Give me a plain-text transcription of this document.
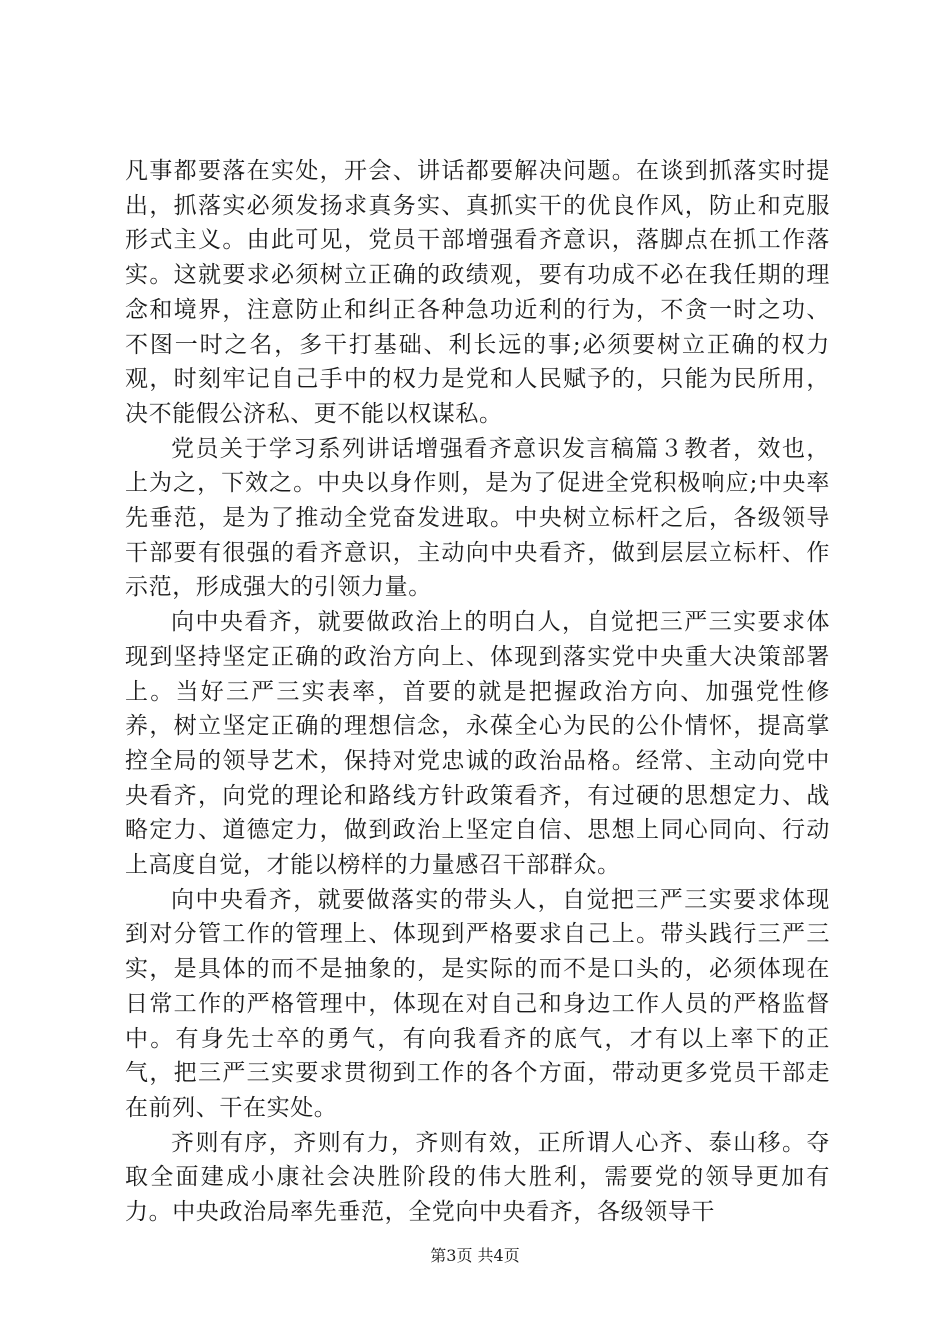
凡事都要落在实处，开会、讲话都要解决问题。在谈到抓落实时提出，抓落实必须发扬求真务实、真抓实干的优良作风，防止和克服形式主义。由此可见，党员干部增强看齐意识，落脚点在抓工作落实。这就要求必须树立正确的政绩观，要有功成不必在我任期的理念和境界，注意防止和纠正各种急功近利的行为，不贪一时之功、不图一时之名，多干打基础、利长远的事;必须要树立正确的权力观，时刻牢记自己手中的权力是党和人民赋予的，只能为民所用，决不能假公济私、更不能以权谋私。

党员关于学习系列讲话增强看齐意识发言稿篇３教者，效也，上为之，下效之。中央以身作则，是为了促进全党积极响应;中央率先垂范，是为了推动全党奋发进取。中央树立标杆之后，各级领导干部要有很强的看齐意识，主动向中央看齐，做到层层立标杆、作示范，形成强大的引领力量。

向中央看齐，就要做政治上的明白人，自觉把三严三实要求体现到坚持坚定正确的政治方向上、体现到落实党中央重大决策部署上。当好三严三实表率，首要的就是把握政治方向、加强党性修养，树立坚定正确的理想信念，永葆全心为民的公仆情怀，提高掌控全局的领导艺术，保持对党忠诚的政治品格。经常、主动向党中央看齐，向党的理论和路线方针政策看齐，有过硬的思想定力、战略定力、道德定力，做到政治上坚定自信、思想上同心同向、行动上高度自觉，才能以榜样的力量感召干部群众。

向中央看齐，就要做落实的带头人，自觉把三严三实要求体现到对分管工作的管理上、体现到严格要求自己上。带头践行三严三实，是具体的而不是抽象的，是实际的而不是口头的，必须体现在日常工作的严格管理中，体现在对自己和身边工作人员的严格监督中。有身先士卒的勇气，有向我看齐的底气，才有以上率下的正气，把三严三实要求贯彻到工作的各个方面，带动更多党员干部走在前列、干在实处。

齐则有序，齐则有力，齐则有效，正所谓人心齐、泰山移。夺取全面建成小康社会决胜阶段的伟大胜利，需要党的领导更加有力。中央政治局率先垂范，全党向中央看齐，各级领导干

第3页 共4页
